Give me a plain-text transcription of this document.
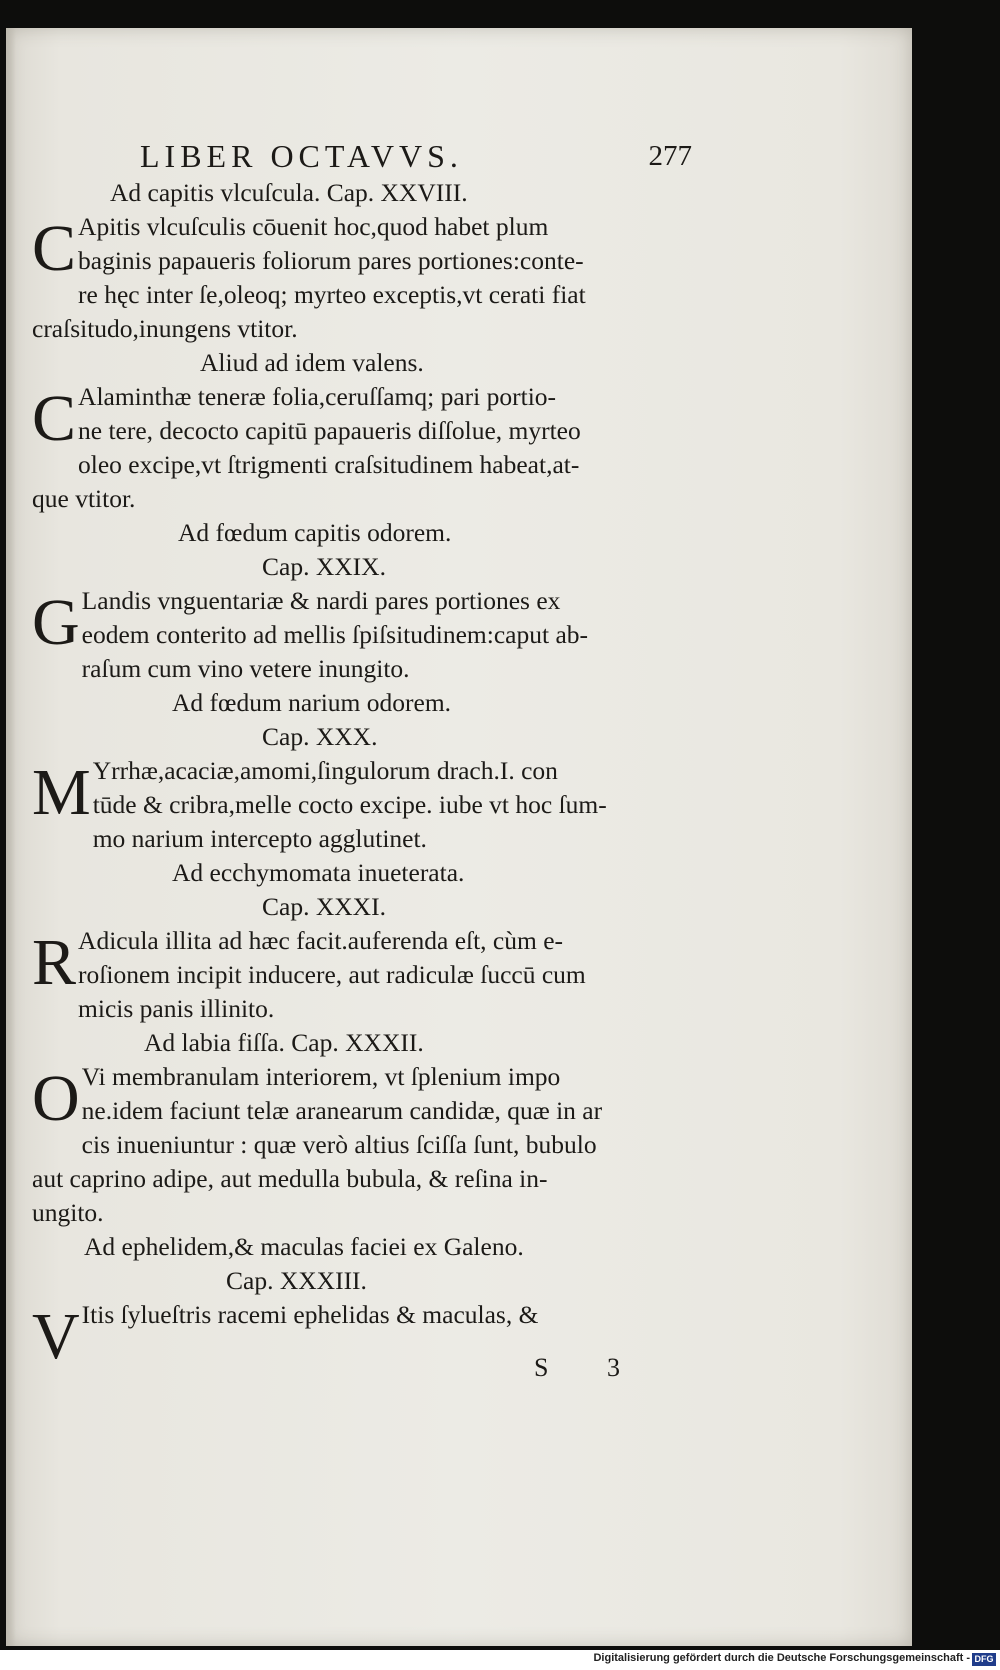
LIBER OCTAVVS.	277
Ad capitis vlcuſcula. Cap. XXVIII.
C Apitis vlcuſculis cōuenit hoc,quod habet plum
baginis papaueris foliorum pares portiones:conte-
re hęc inter ſe,oleoq; myrteo exceptis,vt cerati fiat
craſsitudo,inungens vtitor.
Aliud ad idem valens.
C Alaminthæ teneræ folia,ceruſſamq; pari portio-
ne tere, decocto capitū papaueris diſſolue, myrteo
oleo excipe,vt ſtrigmenti craſsitudinem habeat,at-
que vtitor.
Ad fœdum capitis odorem.
Cap. XXIX.
G Landis vnguentariæ & nardi pares portiones ex
eodem conterito ad mellis ſpiſsitudinem:caput ab-
raſum cum vino vetere inungito.
Ad fœdum narium odorem.
Cap. XXX.
M Yrrhæ,acaciæ,amomi,ſingulorum drach.I. con
tūde & cribra,melle cocto excipe. iube vt hoc ſum-
mo narium intercepto agglutinet.
Ad ecchymomata inueterata.
Cap. XXXI.
R Adicula illita ad hæc facit.auferenda eſt, cùm e-
roſionem incipit inducere, aut radiculæ ſuccū cum
micis panis illinito.
Ad labia fiſſa. Cap. XXXII.
O Vi membranulam interiorem, vt ſplenium impo
ne.idem faciunt telæ aranearum candidæ, quæ in ar
cis inueniuntur : quæ verò altius ſciſſa ſunt, bubulo
aut caprino adipe, aut medulla bubula, & reſina in-
ungito.
Ad ephelidem,& maculas faciei ex Galeno.
Cap. XXXIII.
V Itis ſylueſtris racemi ephelidas & maculas, &
S 3
Digitalisierung gefördert durch die Deutsche Forschungsgemeinschaft - DFG
